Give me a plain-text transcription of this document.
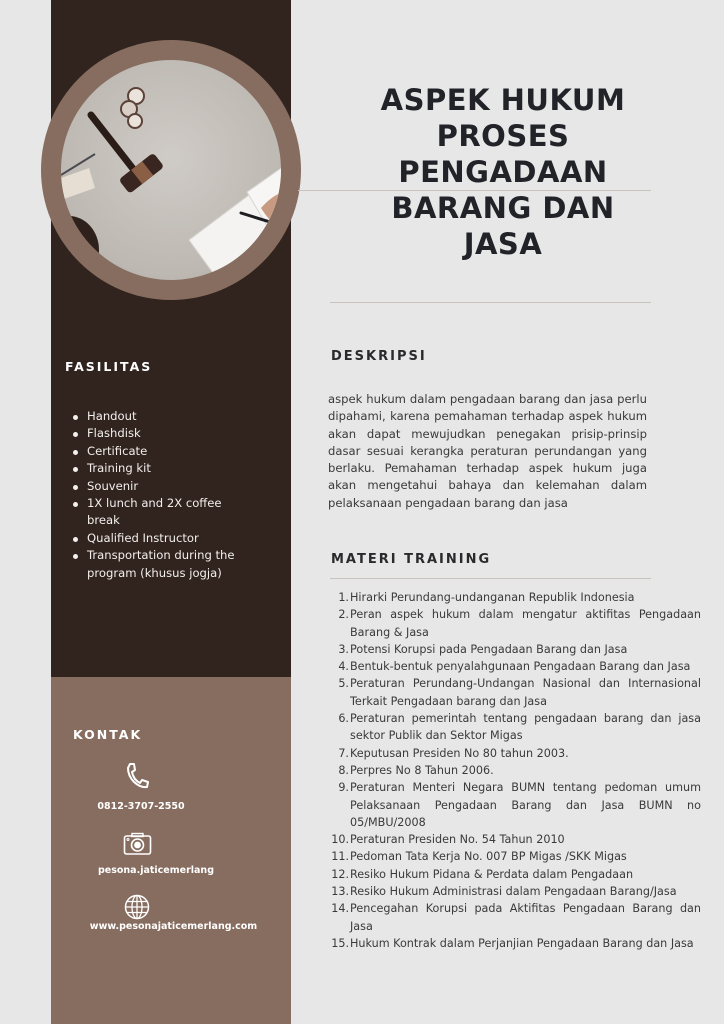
ASPEK HUKUM
PROSES
PENGADAAN
BARANG DAN
JASA
DESKRIPSI

aspek hukum dalam pengadaan barang dan jasa perlu dipahami, karena pemahaman terhadap aspek hukum akan dapat mewujudkan penegakan prisip-prinsip dasar sesuai kerangka peraturan perundangan yang berlaku. Pemahaman terhadap aspek hukum juga akan mengetahui bahaya dan kelemahan dalam pelaksanaan pengadaan barang dan jasa

MATERI TRAINING
1. Hirarki Perundang-undanganan Republik Indonesia
2. Peran aspek hukum dalam mengatur aktifitas Pengadaan Barang & Jasa
3. Potensi Korupsi pada Pengadaan Barang dan Jasa
4. Bentuk-bentuk penyalahgunaan Pengadaan Barang dan Jasa
5. Peraturan Perundang-Undangan Nasional dan Internasional Terkait Pengadaan barang dan Jasa
6. Peraturan pemerintah tentang pengadaan barang dan jasa sektor Publik dan Sektor Migas
7. Keputusan Presiden No 80 tahun 2003.
8. Perpres No 8 Tahun 2006.
9. Peraturan Menteri Negara BUMN tentang pedoman umum Pelaksanaan Pengadaan Barang dan Jasa BUMN no 05/MBU/2008
10. Peraturan Presiden No. 54 Tahun 2010
11. Pedoman Tata Kerja No. 007 BP Migas /SKK Migas
12. Resiko Hukum Pidana & Perdata dalam Pengadaan
13. Resiko Hukum Administrasi dalam Pengadaan Barang/Jasa
14. Pencegahan Korupsi pada Aktifitas Pengadaan Barang dan Jasa
15. Hukum Kontrak dalam Perjanjian Pengadaan Barang dan Jasa
FASILITAS
Handout
Flashdisk
Certificate
Training kit
Souvenir
1X lunch and 2X coffee break
Qualified Instructor
Transportation during the program (khusus jogja)
KONTAK
0812-3707-2550
pesona.jaticemerlang
www.pesonajaticemerlang.com
